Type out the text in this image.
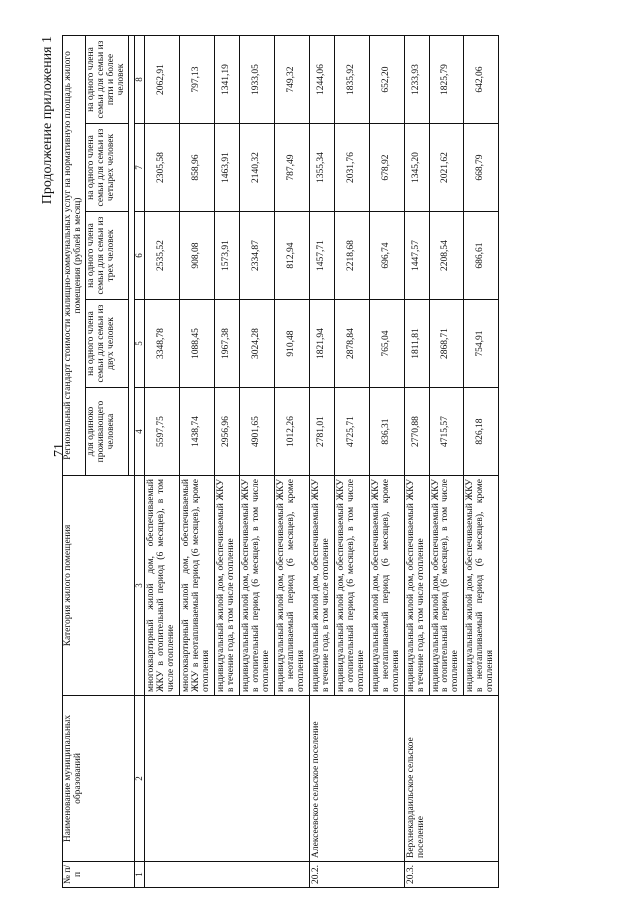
71
Продолжение приложения 1
№ п/п	Наименование муниципальных образований	Категория жилого помещения	Региональный стандарт стоимости жилищно-коммунальных услуг на нормативную площадь жилого помещения (рублей в месяц)				
			для одиноко проживающего человека	на одного члена семьи для семьи из двух человек	на одного члена семьи для семьи из трех человек	на одного члена семьи для семьи из четырех человек	на одного члена семьи для семьи из пяти и более человек

1	2	3	4	5	6	7	8
		многоквартирный жилой дом, обеспечиваемый ЖКУ в отопительный период (6 месяцев), в том числе отопление	5597,75	3348,78	2535,52	2305,58	2062,91
		многоквартирный жилой дом, обеспечиваемый ЖКУ в неотапливаемый период (6 месяцев), кроме отопления	1438,74	1088,45	908,08	858,96	797,13
		индивидуальный жилой дом, обеспечиваемый ЖКУ в течение года, в том числе отопление	2956,96	1967,38	1573,91	1463,91	1341,19
		индивидуальный жилой дом, обеспечиваемый ЖКУ в отопительный период (6 месяцев), в том числе отопление	4901,65	3024,28	2334,87	2140,32	1933,05
		индивидуальный жилой дом, обеспечиваемый ЖКУ в неотапливаемый период (6 месяцев), кроме отопления	1012,26	910,48	812,94	787,49	749,32
20.2.	Алексеевское сельское поселение	индивидуальный жилой дом, обеспечиваемый ЖКУ в течение года, в том числе отопление	2781,01	1821,94	1457,71	1355,34	1244,06
		индивидуальный жилой дом, обеспечиваемый ЖКУ в отопительный период (6 месяцев), в том числе отопление	4725,71	2878,84	2218,68	2031,76	1835,92
		индивидуальный жилой дом, обеспечиваемый ЖКУ в неотапливаемый период (6 месяцев), кроме отопления	836,31	765,04	696,74	678,92	652,20
20.3.	Верхнекардаильское сельское поселение	индивидуальный жилой дом, обеспечиваемый ЖКУ в течение года, в том числе отопление	2770,88	1811,81	1447,57	1345,20	1233,93
		индивидуальный жилой дом, обеспечиваемый ЖКУ в отопительный период (6 месяцев), в том числе отопление	4715,57	2868,71	2208,54	2021,62	1825,79
		индивидуальный жилой дом, обеспечиваемый ЖКУ в неотапливаемый период (6 месяцев), кроме отопления	826,18	754,91	686,61	668,79	642,06
